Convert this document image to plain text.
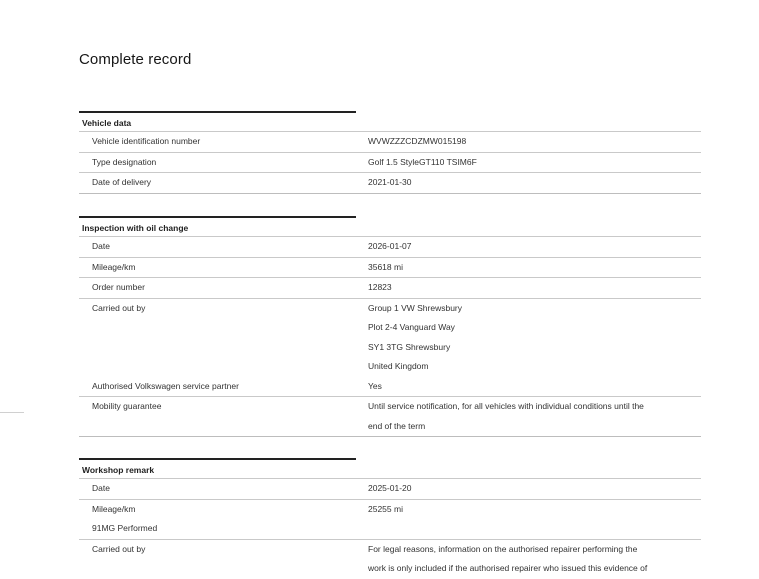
Complete record
Vehicle data
Vehicle identification number	WVWZZZCDZMW015198
Type designation	Golf 1.5 StyleGT110 TSIM6F
Date of delivery	2021-01-30
Inspection with oil change
Date	2026-01-07
Mileage/km	35618 mi
Order number	12823
Carried out by	Group 1 VW Shrewsbury
Plot 2-4 Vanguard Way
SY1 3TG Shrewsbury
United Kingdom
Authorised Volkswagen service partner	Yes
Mobility guarantee	Until service notification, for all vehicles with individual conditions until the
end of the term
Workshop remark
Date	2025-01-20
Mileage/km	25255 mi
91MG Performed
Carried out by	For legal reasons, information on the authorised repairer performing the
work is only included if the authorised repairer who issued this evidence of
